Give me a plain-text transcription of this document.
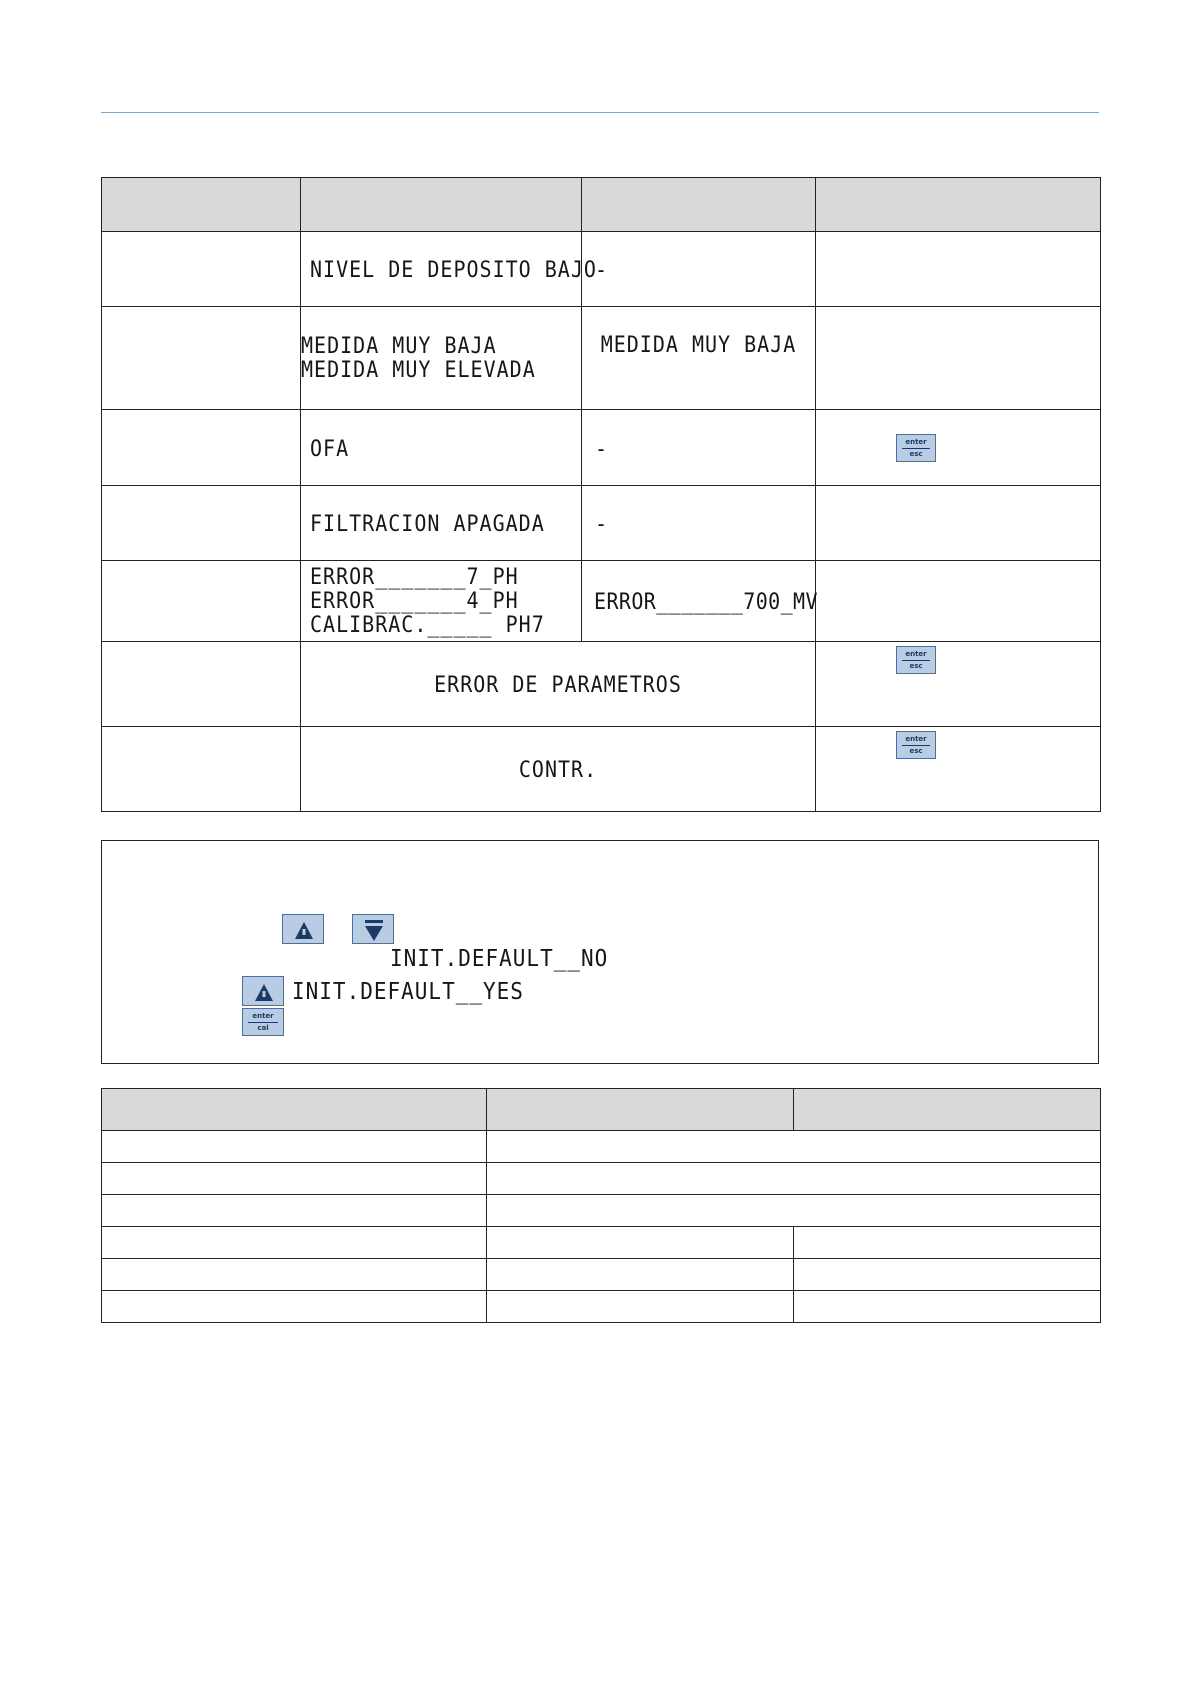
	NIVEL DE DEPOSITO BAJO	-	

	MEDIDA MUY BAJA
MEDIDA MUY ELEVADA	MEDIDA MUY BAJA	
	OFA	-	enter
esc

	FILTRACION APAGADA	-	

	ERROR_______7_PH
ERROR_______4_PH
CALIBRAC._____ PH7	ERROR_______700_MV	
	ERROR DE PARAMETROS		enter
esc

	CONTR.		enter
esc
INIT.DEFAULT__NO
INIT.DEFAULT__YES
enter
cal
